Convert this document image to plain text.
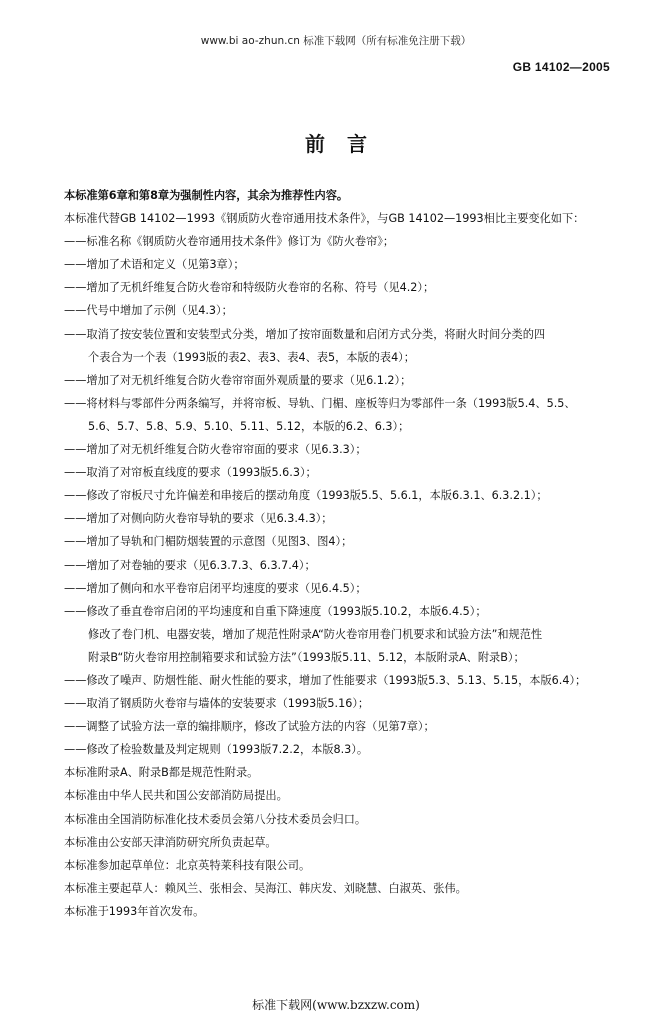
www.bi ao-zhun.cn 标准下载网（所有标准免注册下载）
GB 14102—2005
前言

本标准第6章和第8章为强制性内容，其余为推荐性内容。

本标准代替GB 14102—1993《钢质防火卷帘通用技术条件》，与GB 14102—1993相比主要变化如下：

——标准名称《钢质防火卷帘通用技术条件》修订为《防火卷帘》；

——增加了术语和定义（见第3章）；

——增加了无机纤维复合防火卷帘和特级防火卷帘的名称、符号（见4.2）；

——代号中增加了示例（见4.3）；

——取消了按安装位置和安装型式分类，增加了按帘面数量和启闭方式分类，将耐火时间分类的四

个表合为一个表（1993版的表2、表3、表4、表5，本版的表4）；

——增加了对无机纤维复合防火卷帘帘面外观质量的要求（见6.1.2）；

——将材料与零部件分两条编写，并将帘板、导轨、门楣、座板等归为零部件一条（1993版5.4、5.5、

5.6、5.7、5.8、5.9、5.10、5.11、5.12，本版的6.2、6.3）；

——增加了对无机纤维复合防火卷帘帘面的要求（见6.3.3）；

——取消了对帘板直线度的要求（1993版5.6.3）；

——修改了帘板尺寸允许偏差和串接后的摆动角度（1993版5.5、5.6.1，本版6.3.1、6.3.2.1）；

——增加了对侧向防火卷帘导轨的要求（见6.3.4.3）；

——增加了导轨和门楣防烟装置的示意图（见图3、图4）；

——增加了对卷轴的要求（见6.3.7.3、6.3.7.4）；

——增加了侧向和水平卷帘启闭平均速度的要求（见6.4.5）；

——修改了垂直卷帘启闭的平均速度和自重下降速度（1993版5.10.2，本版6.4.5）；

修改了卷门机、电器安装，增加了规范性附录A“防火卷帘用卷门机要求和试验方法”和规范性

附录B“防火卷帘用控制箱要求和试验方法”（1993版5.11、5.12，本版附录A、附录B）；

——修改了噪声、防烟性能、耐火性能的要求，增加了性能要求（1993版5.3、5.13、5.15，本版6.4）；

——取消了钢质防火卷帘与墙体的安装要求（1993版5.16）；

——调整了试验方法一章的编排顺序，修改了试验方法的内容（见第7章）；

——修改了检验数量及判定规则（1993版7.2.2，本版8.3）。

本标准附录A、附录B都是规范性附录。

本标准由中华人民共和国公安部消防局提出。

本标准由全国消防标准化技术委员会第八分技术委员会归口。

本标准由公安部天津消防研究所负责起草。

本标准参加起草单位：北京英特莱科技有限公司。

本标准主要起草人：赖风兰、张相会、吴海江、韩庆发、刘晓慧、白淑英、张伟。

本标准于1993年首次发布。

标准下载网(www.bzxzw.com)
